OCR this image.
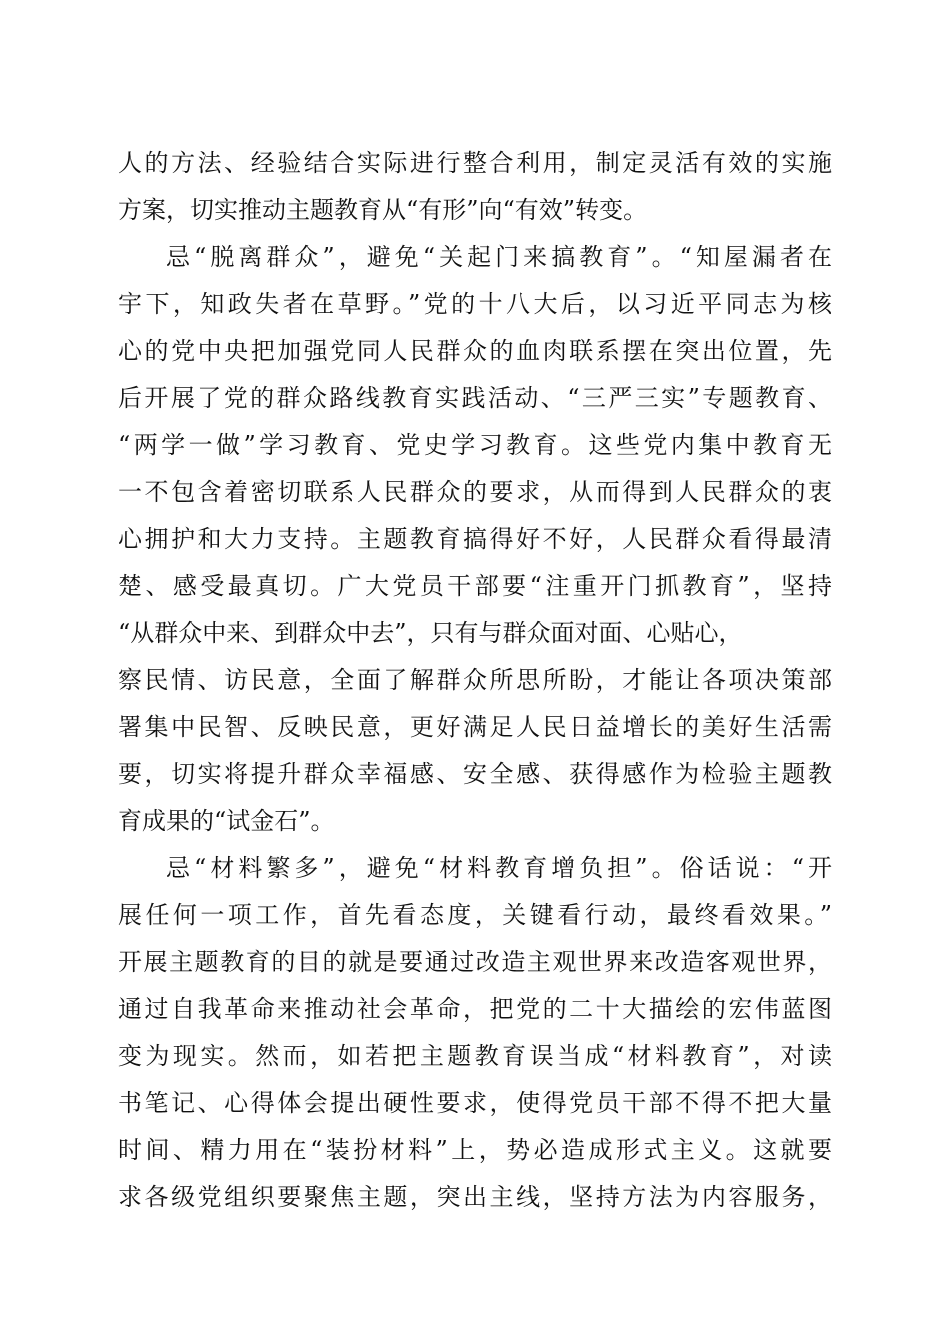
人的方法、经验结合实际进行整合利用，制定灵活有效的实施
方案，切实推动主题教育从“有形”向“有效”转变。
忌“脱离群众”，避免“关起门来搞教育”。“知屋漏者在
宇下，知政失者在草野。”党的十八大后，以习近平同志为核
心的党中央把加强党同人民群众的血肉联系摆在突出位置，先
后开展了党的群众路线教育实践活动、“三严三实”专题教育、
“两学一做”学习教育、党史学习教育。这些党内集中教育无
一不包含着密切联系人民群众的要求，从而得到人民群众的衷
心拥护和大力支持。主题教育搞得好不好，人民群众看得最清
楚、感受最真切。广大党员干部要“注重开门抓教育”，坚持
“从群众中来、到群众中去”，只有与群众面对面、心贴心，
察民情、访民意，全面了解群众所思所盼，才能让各项决策部
署集中民智、反映民意，更好满足人民日益增长的美好生活需
要，切实将提升群众幸福感、安全感、获得感作为检验主题教
育成果的“试金石”。
忌“材料繁多”，避免“材料教育增负担”。俗话说：“开
展任何一项工作，首先看态度，关键看行动，最终看效果。”
开展主题教育的目的就是要通过改造主观世界来改造客观世界，
通过自我革命来推动社会革命，把党的二十大描绘的宏伟蓝图
变为现实。然而，如若把主题教育误当成“材料教育”，对读
书笔记、心得体会提出硬性要求，使得党员干部不得不把大量
时间、精力用在“装扮材料”上，势必造成形式主义。这就要
求各级党组织要聚焦主题，突出主线，坚持方法为内容服务，
